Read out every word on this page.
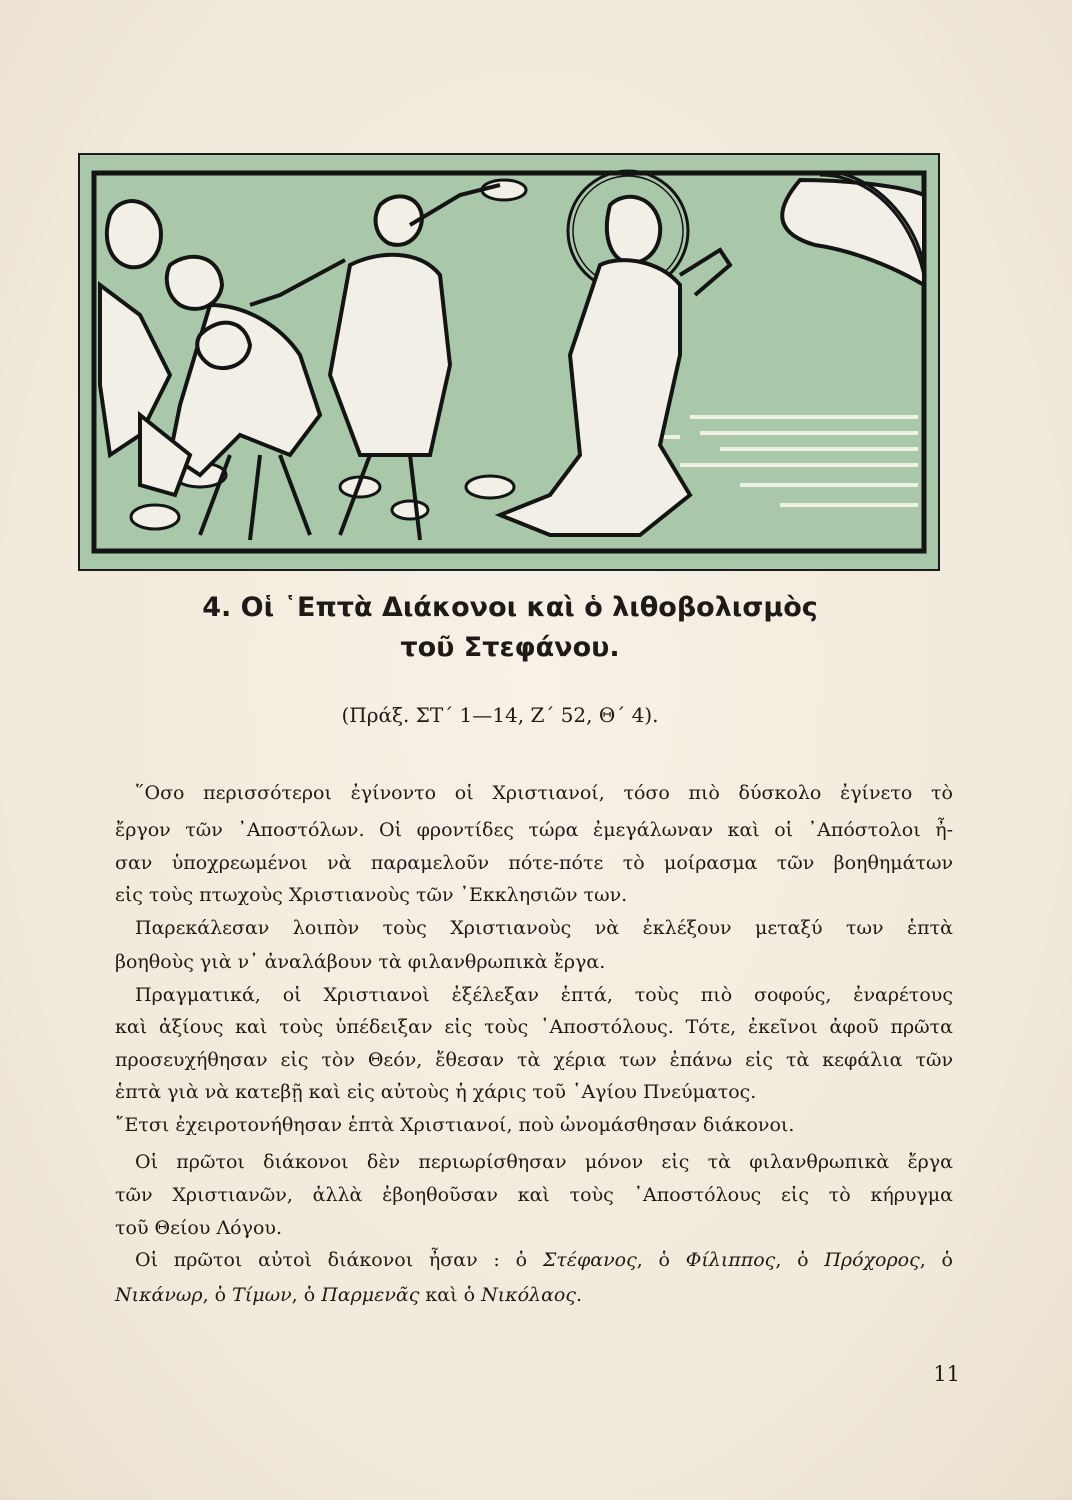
4. Οἱ ῾Επτὰ Διάκονοι καὶ ὁ λιθοβολισμὸς
τοῦ Στεφάνου.
(Πράξ. ΣΤ΄ 1—14, Ζ΄ 52, Θ΄ 4).
῞Οσο περισσότεροι ἐγίνοντο οἱ Χριστιανοί, τόσο πιὸ δύσκολο ἐγίνετο τὸ
ἔργον τῶν ᾿Αποστόλων. Οἱ φροντίδες τώρα ἐμεγάλωναν καὶ οἱ ᾿Απόστολοι ἦ-
σαν ὑποχρεωμένοι νὰ παραμελοῦν πότε-πότε τὸ μοίρασμα τῶν βοηθημάτων
εἰς τοὺς πτωχοὺς Χριστιανοὺς τῶν ᾿Εκκλησιῶν των.
Παρεκάλεσαν λοιπὸν τοὺς Χριστιανοὺς νὰ ἐκλέξουν μεταξύ των ἑπτὰ
βοηθοὺς γιὰ ν᾿ ἀναλάβουν τὰ φιλανθρωπικὰ ἔργα.
Πραγματικά, οἱ Χριστιανοὶ ἐξέλεξαν ἑπτά, τοὺς πιὸ σοφούς, ἐναρέτους
καὶ ἀξίους καὶ τοὺς ὑπέδειξαν εἰς τοὺς ᾿Αποστόλους. Τότε, ἐκεῖνοι ἀφοῦ πρῶτα
προσευχήθησαν εἰς τὸν Θεόν, ἔθεσαν τὰ χέρια των ἐπάνω εἰς τὰ κεφάλια τῶν
ἑπτὰ γιὰ νὰ κατεβῇ καὶ εἰς αὐτοὺς ἡ χάρις τοῦ ῾Αγίου Πνεύματος.
῎Ετσι ἐχειροτονήθησαν ἑπτὰ Χριστιανοί, ποὺ ὠνομάσθησαν διάκονοι.
Οἱ πρῶτοι διάκονοι δὲν περιωρίσθησαν μόνον εἰς τὰ φιλανθρωπικὰ ἔργα
τῶν Χριστιανῶν, ἀλλὰ ἐβοηθοῦσαν καὶ τοὺς ᾿Αποστόλους εἰς τὸ κήρυγμα
τοῦ Θείου Λόγου.
Οἱ πρῶτοι αὐτοὶ διάκονοι ἦσαν : ὁ Στέφανος, ὁ Φίλιππος, ὁ Πρόχορος, ὁ
Νικάνωρ, ὁ Τίμων, ὁ Παρμενᾶς καὶ ὁ Νικόλαος.
11
